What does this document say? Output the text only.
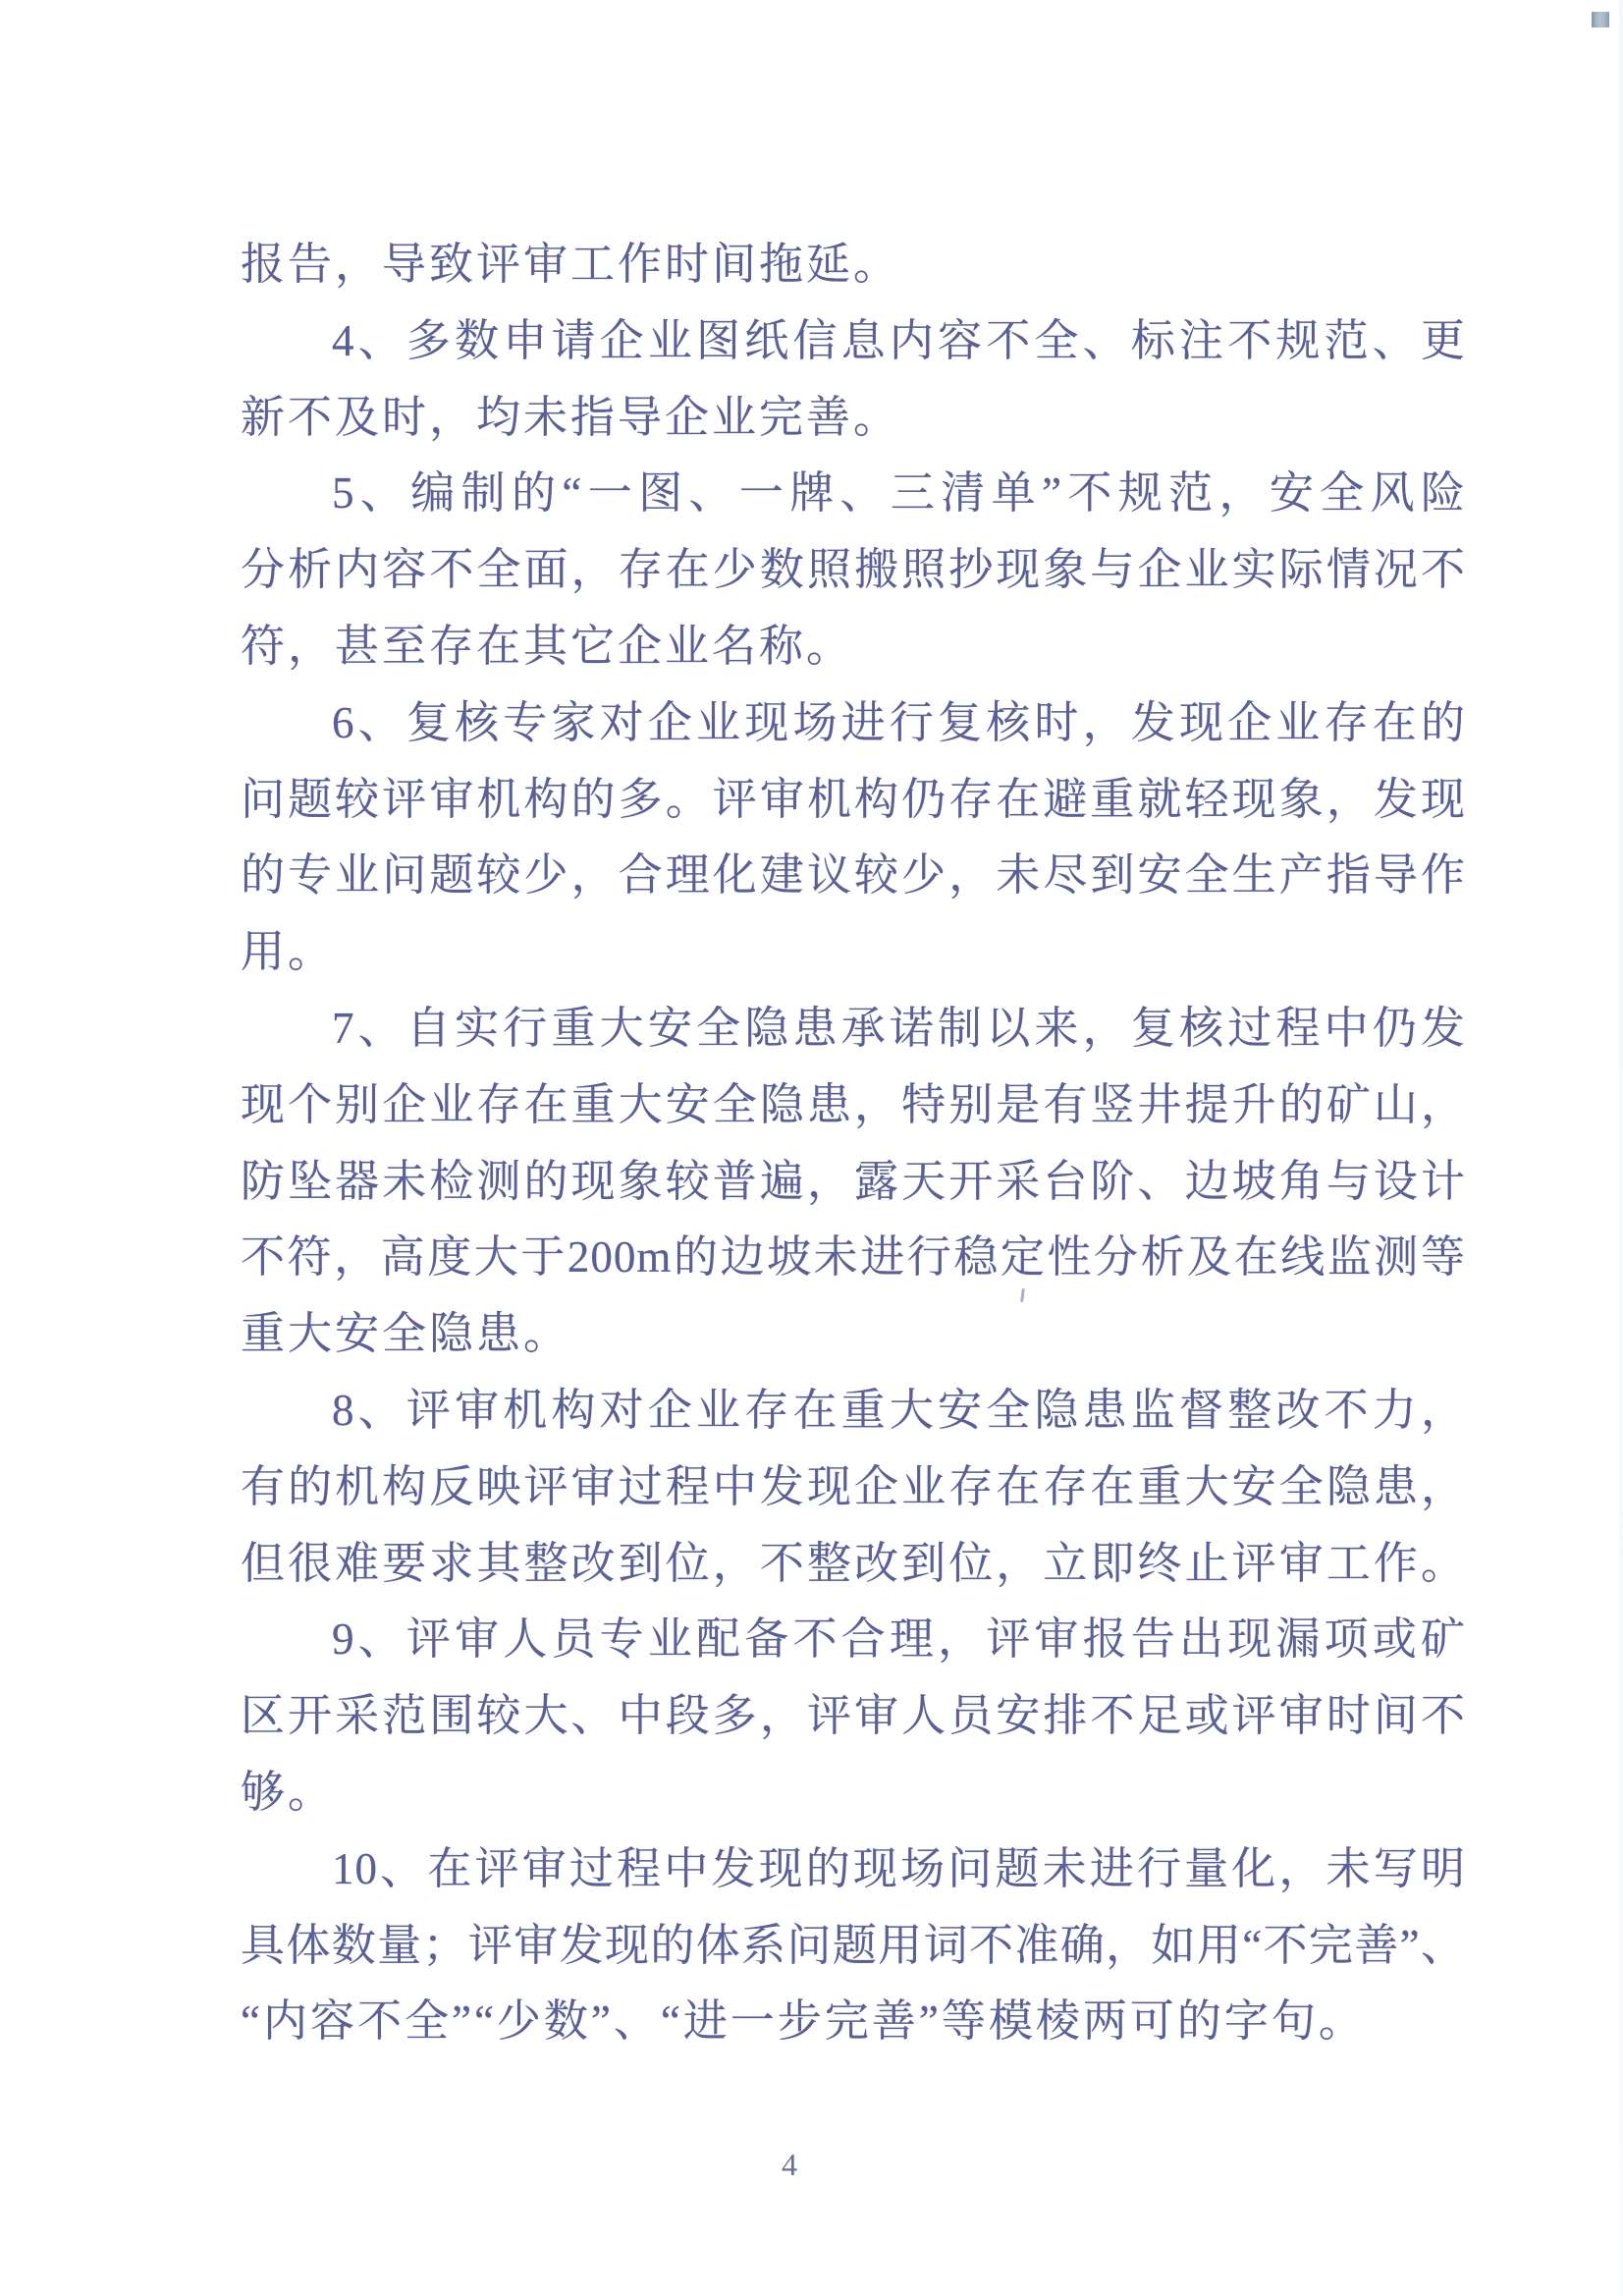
报告，导致评审工作时间拖延。

4、多数申请企业图纸信息内容不全、标注不规范、更

新不及时，均未指导企业完善。

5、编制的“一图、一牌、三清单”不规范，安全风险

分析内容不全面，存在少数照搬照抄现象与企业实际情况不

符，甚至存在其它企业名称。

6、复核专家对企业现场进行复核时，发现企业存在的

问题较评审机构的多。评审机构仍存在避重就轻现象，发现

的专业问题较少，合理化建议较少，未尽到安全生产指导作

用。

7、自实行重大安全隐患承诺制以来，复核过程中仍发

现个别企业存在重大安全隐患，特别是有竖井提升的矿山，

防坠器未检测的现象较普遍，露天开采台阶、边坡角与设计

不符，高度大于200m的边坡未进行稳定性分析及在线监测等

重大安全隐患。

8、评审机构对企业存在重大安全隐患监督整改不力，

有的机构反映评审过程中发现企业存在存在重大安全隐患，

但很难要求其整改到位，不整改到位，立即终止评审工作。

9、评审人员专业配备不合理，评审报告出现漏项或矿

区开采范围较大、中段多，评审人员安排不足或评审时间不

够。

10、在评审过程中发现的现场问题未进行量化，未写明

具体数量；评审发现的体系问题用词不准确，如用“不完善”、

“内容不全”“少数”、“进一步完善”等模棱两可的字句。

4
